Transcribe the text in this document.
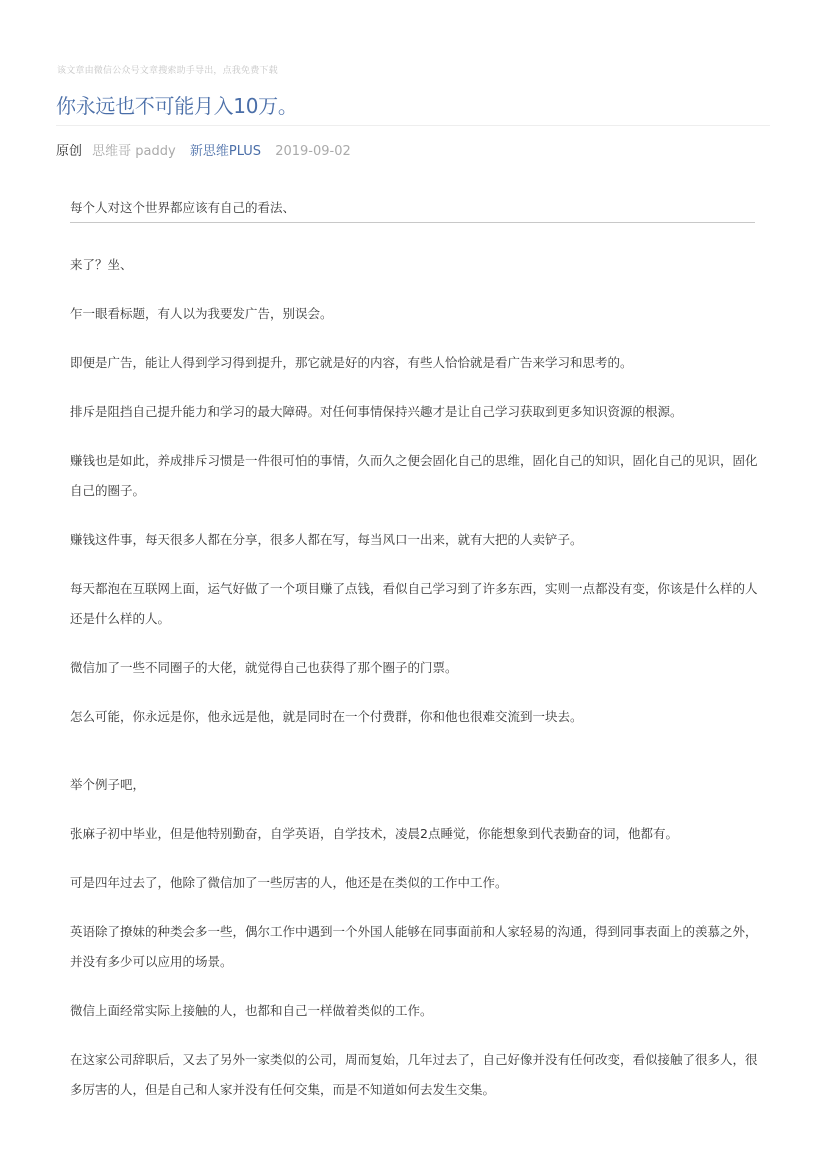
该文章由微信公众号文章搜索助手导出，点我免费下载
你永远也不可能月入10万。
原创 思维哥 paddy 新思维PLUS 2019-09-02
每个人对这个世界都应该有自己的看法、

来了？坐、

乍一眼看标题，有人以为我要发广告，别误会。

即便是广告，能让人得到学习得到提升，那它就是好的内容，有些人恰恰就是看广告来学习和思考的。

排斥是阻挡自己提升能力和学习的最大障碍。对任何事情保持兴趣才是让自己学习获取到更多知识资源的根源。

赚钱也是如此，养成排斥习惯是一件很可怕的事情，久而久之便会固化自己的思维，固化自己的知识，固化自己的见识，固化自己的圈子。

赚钱这件事，每天很多人都在分享，很多人都在写，每当风口一出来，就有大把的人卖铲子。

每天都泡在互联网上面，运气好做了一个项目赚了点钱，看似自己学习到了许多东西，实则一点都没有变，你该是什么样的人还是什么样的人。

微信加了一些不同圈子的大佬，就觉得自己也获得了那个圈子的门票。

怎么可能，你永远是你，他永远是他，就是同时在一个付费群，你和他也很难交流到一块去。

举个例子吧，

张麻子初中毕业，但是他特别勤奋，自学英语，自学技术，凌晨2点睡觉，你能想象到代表勤奋的词，他都有。

可是四年过去了，他除了微信加了一些厉害的人，他还是在类似的工作中工作。

英语除了撩妹的种类会多一些，偶尔工作中遇到一个外国人能够在同事面前和人家轻易的沟通，得到同事表面上的羡慕之外，并没有多少可以应用的场景。

微信上面经常实际上接触的人，也都和自己一样做着类似的工作。

在这家公司辞职后，又去了另外一家类似的公司，周而复始，几年过去了，自己好像并没有任何改变，看似接触了很多人，很多厉害的人，但是自己和人家并没有任何交集，而是不知道如何去发生交集。
